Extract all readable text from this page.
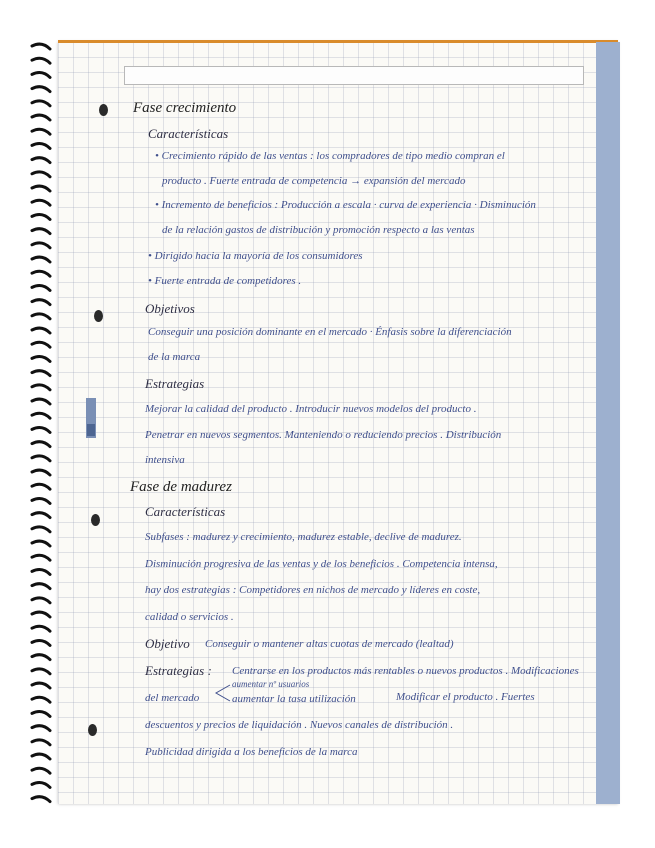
Fase crecimiento
Características
• Crecimiento rápido de las ventas : los compradores de tipo medio compran el
producto . Fuerte entrada de competencia → expansión del mercado
• Incremento de beneficios : Producción a escala · curva de experiencia · Disminución
de la relación gastos de distribución y promoción respecto a las ventas
• Dirigido hacia la mayoría de los consumidores
• Fuerte entrada de competidores .
Objetivos
Conseguir una posición dominante en el mercado · Énfasis sobre la diferenciación
de la marca
Estrategias
Mejorar la calidad del producto . Introducir nuevos modelos del producto .
Penetrar en nuevos segmentos. Manteniendo o reduciendo precios . Distribución
intensiva
Fase de madurez
Características
Subfases : madurez y crecimiento, madurez estable, declive de madurez.
Disminución progresiva de las ventas y de los beneficios . Competencia intensa,
hay dos estrategias : Competidores en nichos de mercado y líderes en coste,
calidad o servicios .
Objetivo Conseguir o mantener altas cuotas de mercado (lealtad)
Estrategias : Centrarse en los productos más rentables o nuevos productos . Modificaciones
del mercado
aumentar nº usuarios
aumentar la tasa utilización	Modificar el producto . Fuertes
descuentos y precios de liquidación . Nuevos canales de distribución .
Publicidad dirigida a los beneficios de la marca
